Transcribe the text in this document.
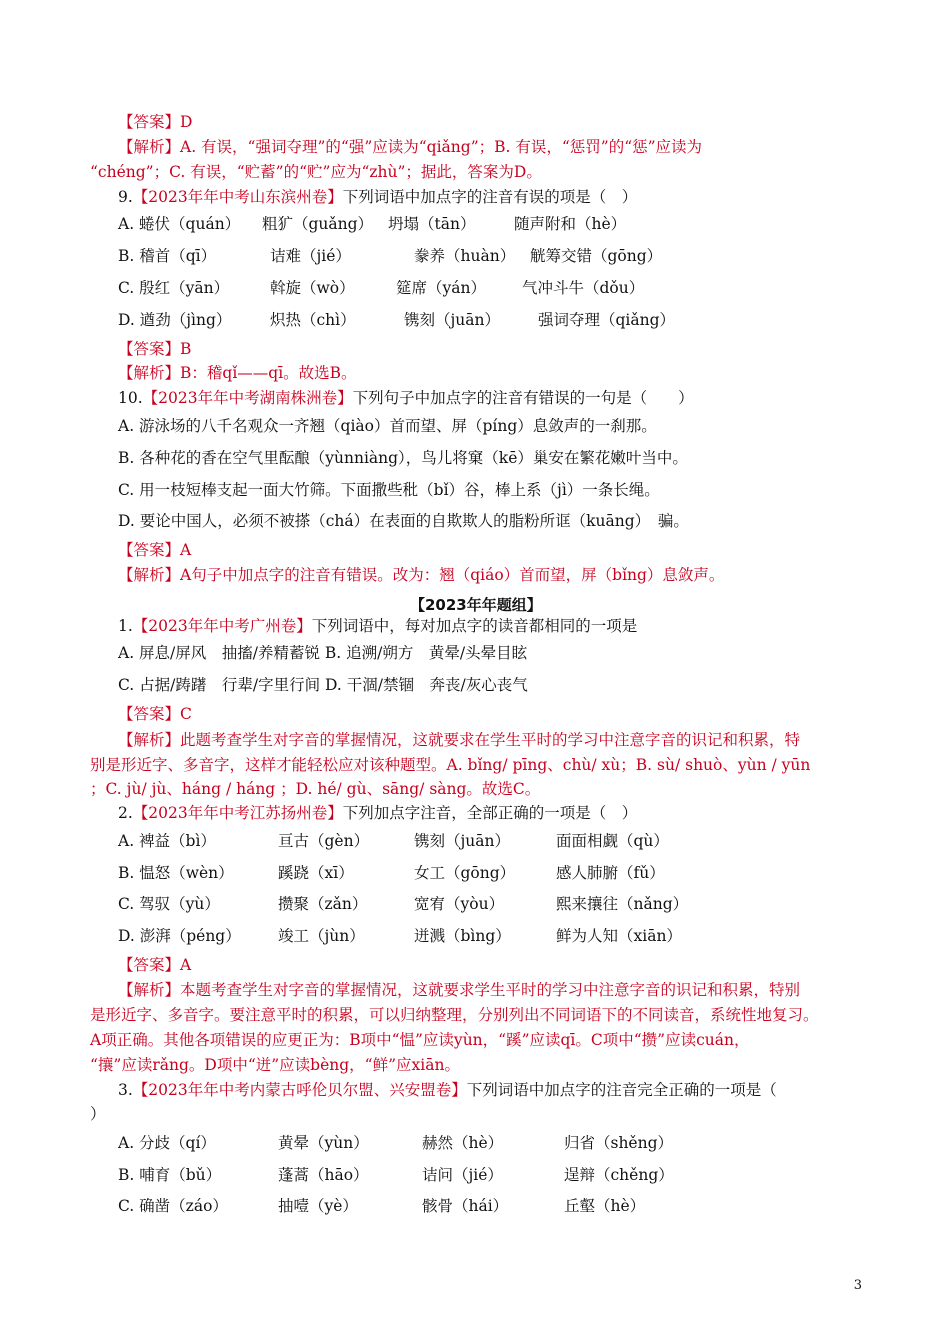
【答案】D
【解析】A. 有误，“强词夺理”的“强”应读为“qiǎng”；B. 有误，“惩罚”的“惩”应读为
“chéng”；C. 有误，“贮蓄”的“贮”应为“zhù”；据此，答案为D。
9.【2023年年中考山东滨州卷】下列词语中加点字的注音有误的项是（　）
A. 蜷伏（quán） 粗犷（guǎng） 坍塌（tān） 随声附和（hè）
B. 稽首（qī）	诘难（jié）	豢养（huàn） 觥筹交错（gōng）
C. 殷红（yān）	斡旋（wò）	筵席（yán） 气冲斗牛（dǒu）
D. 遒劲（jìng） 炽热（chì）	镌刻（juān） 强词夺理（qiǎng）
【答案】B
【解析】B：稽qǐ——qī。故选B。
10.【2023年年中考湖南株洲卷】下列句子中加点字的注音有错误的一句是（　　）
A. 游泳场的八千名观众一齐翘（qiào）首而望、屏（píng）息敛声的一刹那。
B. 各种花的香在空气里酝酿（yùnniàng），鸟儿将窠（kē）巢安在繁花嫩叶当中。
C. 用一枝短棒支起一面大竹筛。下面撒些秕（bǐ）谷，棒上系（jì）一条长绳。
D. 要论中国人，必须不被搽（chá）在表面的自欺欺人的脂粉所诓（kuāng）　骗。
【答案】A
【解析】A句子中加点字的注音有错误。改为：翘（qiáo）首而望，屏（bǐng）息敛声。
【2023年年题组】
1.【2023年年中考广州卷】下列词语中，每对加点字的读音都相同的一项是
A. 屏息/屏风　抽搐/养精蓄锐 B. 追溯/朔方　黄晕/头晕目眩
C. 占据/踌躇　行辈/字里行间 D. 干涸/禁锢　奔丧/灰心丧气
【答案】C
【解析】此题考查学生对字音的掌握情况，这就要求在学生平时的学习中注意字音的识记和积累，特
别是形近字、多音字，这样才能轻松应对该种题型。A. bǐng/ pīng、chù/ xù；B. sù/ shuò、yùn / yūn
；C. jù/ jù、háng / háng ；D. hé/ gù、sāng/ sàng。故选C。
2.【2023年年中考江苏扬州卷】下列加点字注音，全部正确的一项是（　）
A. 裨益（bì）	亘古（gèn）	镌刻（juān）	面面相觑（qù）
B. 愠怒（wèn）	蹊跷（xī）	女工（gōng）	感人肺腑（fǔ）
C. 驾驭（yù）	攒聚（zǎn）	宽宥（yòu）	熙来攘往（nǎng）
D. 澎湃（péng） 竣工（jùn）	迸溅（bìng）	鲜为人知（xiān）
【答案】A
【解析】本题考查学生对字音的掌握情况，这就要求学生平时的学习中注意字音的识记和积累，特别
是形近字、多音字。要注意平时的积累，可以归纳整理，分别列出不同词语下的不同读音，系统性地复习。
A项正确。其他各项错误的应更正为：B项中“愠”应读yùn，“蹊”应读qī。C项中“攒”应读cuán，
“攘”应读rǎng。D项中“迸”应读bèng，“鲜”应xiān。
3.【2023年年中考内蒙古呼伦贝尔盟、兴安盟卷】下列词语中加点字的注音完全正确的一项是（
）
A. 分歧（qí）	黄晕（yùn）	赫然（hè）	归省（shěng）
B. 哺育（bǔ）	蓬蒿（hāo）	诘问（jié）	逞辩（chěng）
C. 确凿（záo）	抽噎（yè）	骸骨（hái）	丘壑（hè）
3
